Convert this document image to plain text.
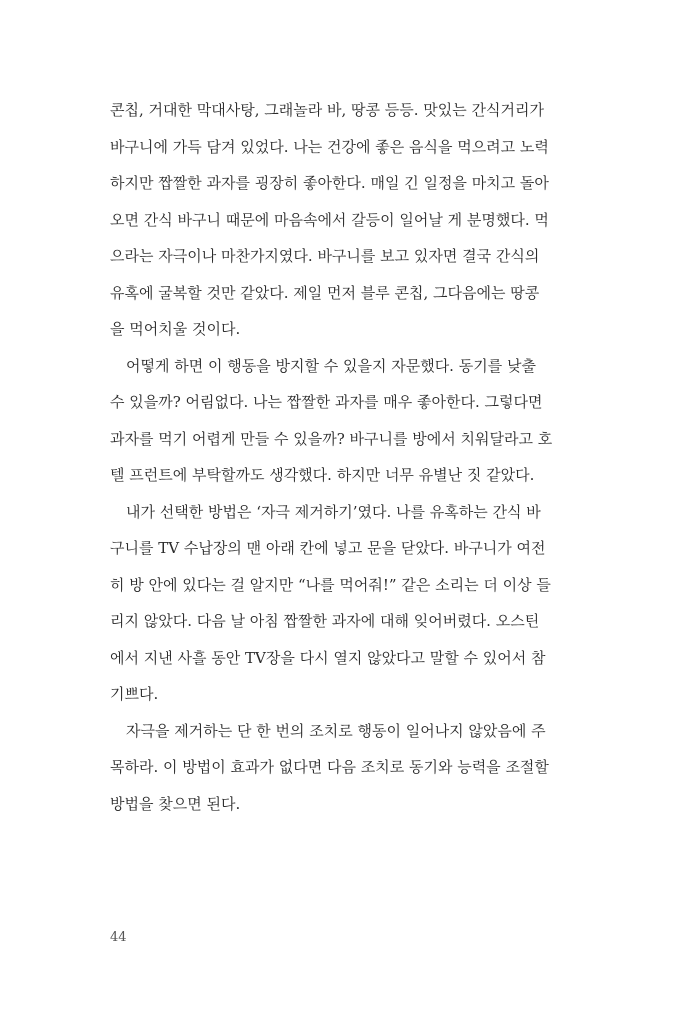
콘칩, 거대한 막대사탕, 그래놀라 바, 땅콩 등등. 맛있는 간식거리가
바구니에 가득 담겨 있었다. 나는 건강에 좋은 음식을 먹으려고 노력
하지만 짭짤한 과자를 굉장히 좋아한다. 매일 긴 일정을 마치고 돌아
오면 간식 바구니 때문에 마음속에서 갈등이 일어날 게 분명했다. 먹
으라는 자극이나 마찬가지였다. 바구니를 보고 있자면 결국 간식의
유혹에 굴복할 것만 같았다. 제일 먼저 블루 콘칩, 그다음에는 땅콩
을 먹어치울 것이다.
어떻게 하면 이 행동을 방지할 수 있을지 자문했다. 동기를 낮출
수 있을까? 어림없다. 나는 짭짤한 과자를 매우 좋아한다. 그렇다면
과자를 먹기 어렵게 만들 수 있을까? 바구니를 방에서 치워달라고 호
텔 프런트에 부탁할까도 생각했다. 하지만 너무 유별난 짓 같았다.
내가 선택한 방법은 ‘자극 제거하기’였다. 나를 유혹하는 간식 바
구니를 TV 수납장의 맨 아래 칸에 넣고 문을 닫았다. 바구니가 여전
히 방 안에 있다는 걸 알지만 “나를 먹어줘!” 같은 소리는 더 이상 들
리지 않았다. 다음 날 아침 짭짤한 과자에 대해 잊어버렸다. 오스틴
에서 지낸 사흘 동안 TV장을 다시 열지 않았다고 말할 수 있어서 참
기쁘다.
자극을 제거하는 단 한 번의 조치로 행동이 일어나지 않았음에 주
목하라. 이 방법이 효과가 없다면 다음 조치로 동기와 능력을 조절할
방법을 찾으면 된다.
44
